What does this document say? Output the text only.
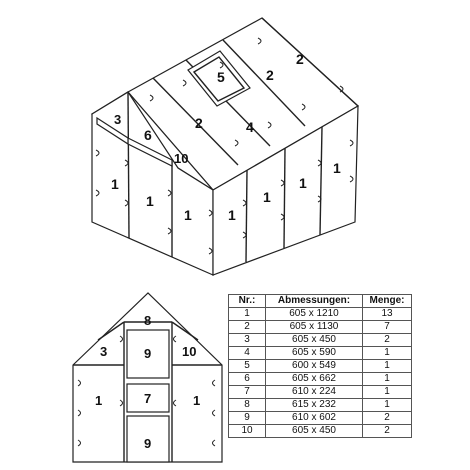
5	2
2
3
6
2	4
10
1
1
1	1
1
1
1
8
3	9 10
1	7	1
9
Nr.:	Abmessungen:	Menge:
1	605 x 1210	13
2	605 x 1130	7
3	605 x 450	2
4	605 x 590	1
5	600 x 549	1
6	605 x 662	1
7	610 x 224	1
8	615 x 232	1
9	610 x 602	2
10	605 x 450	2
